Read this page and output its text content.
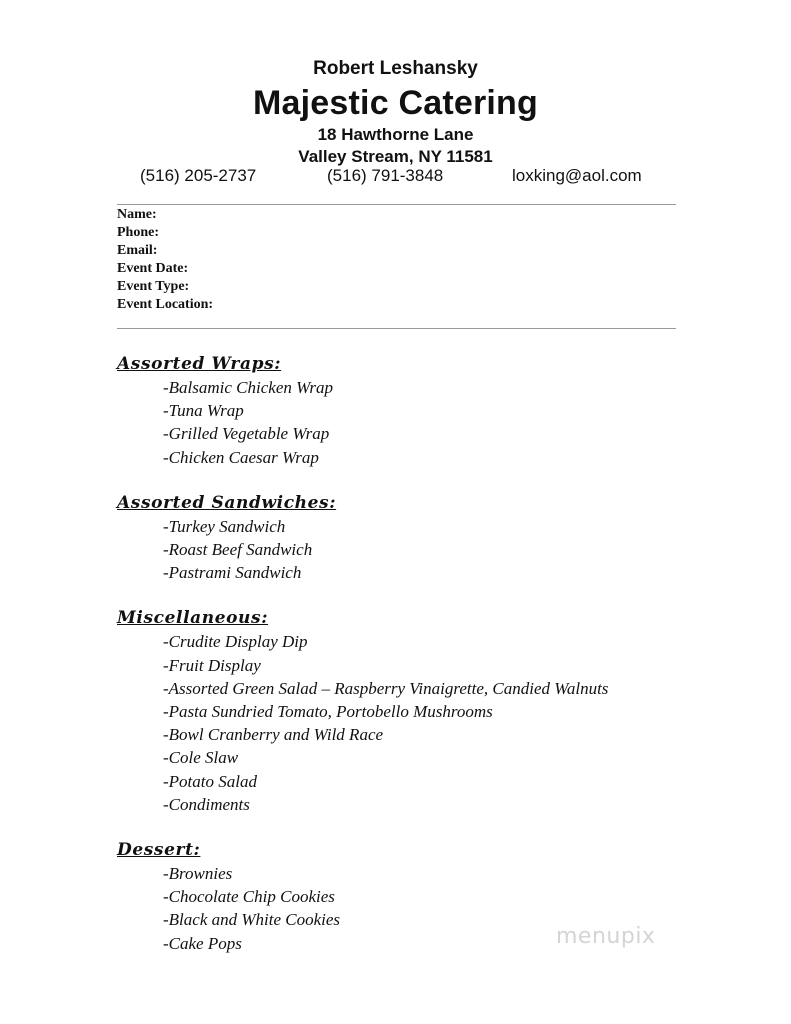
Robert Leshansky
Majestic Catering
18 Hawthorne Lane
Valley Stream, NY 11581
(516) 205-2737	(516) 791-3848	loxking@aol.com
Name:
Phone:
Email:
Event Date:
Event Type:
Event Location:
Assorted Wraps:
-Balsamic Chicken Wrap
-Tuna Wrap
-Grilled Vegetable Wrap
-Chicken Caesar Wrap
Assorted Sandwiches:
-Turkey Sandwich
-Roast Beef Sandwich
-Pastrami Sandwich
Miscellaneous:
-Crudite Display Dip
-Fruit Display
-Assorted Green Salad – Raspberry Vinaigrette, Candied Walnuts
-Pasta Sundried Tomato, Portobello Mushrooms
-Bowl Cranberry and Wild Race
-Cole Slaw
-Potato Salad
-Condiments
Dessert:
-Brownies
-Chocolate Chip Cookies
-Black and White Cookies
-Cake Pops	menupix
